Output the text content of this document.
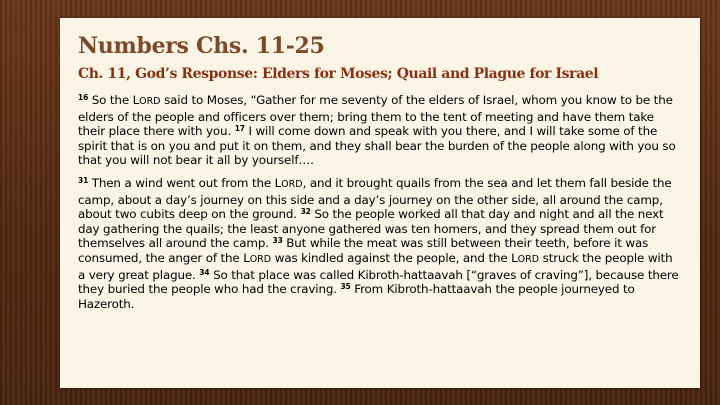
Numbers Chs. 11-25
Ch. 11, God’s Response: Elders for Moses; Quail and Plague for Israel

$^{16}$ So the LORD said to Moses, “Gather for me seventy of the elders of Israel, whom you know to be the elders of the people and officers over them; bring them to the tent of meeting and have them take their place there with you. $^{17}$ I will come down and speak with you there, and I will take some of the spirit that is on you and put it on them, and they shall bear the burden of the people along with you so that you will not bear it all by yourself….

$^{31}$ Then a wind went out from the LORD, and it brought quails from the sea and let them fall beside the camp, about a day’s journey on this side and a day’s journey on the other side, all around the camp, about two cubits deep on the ground. $^{32}$ So the people worked all that day and night and all the next day gathering the quails; the least anyone gathered was ten homers, and they spread them out for themselves all around the camp. $^{33}$ But while the meat was still between their teeth, before it was consumed, the anger of the LORD was kindled against the people, and the LORD struck the people with a very great plague. $^{34}$ So that place was called Kibroth-hattaavah [“graves of craving”], because there they buried the people who had the craving. $^{35}$ From Kibroth-hattaavah the people journeyed to Hazeroth.
